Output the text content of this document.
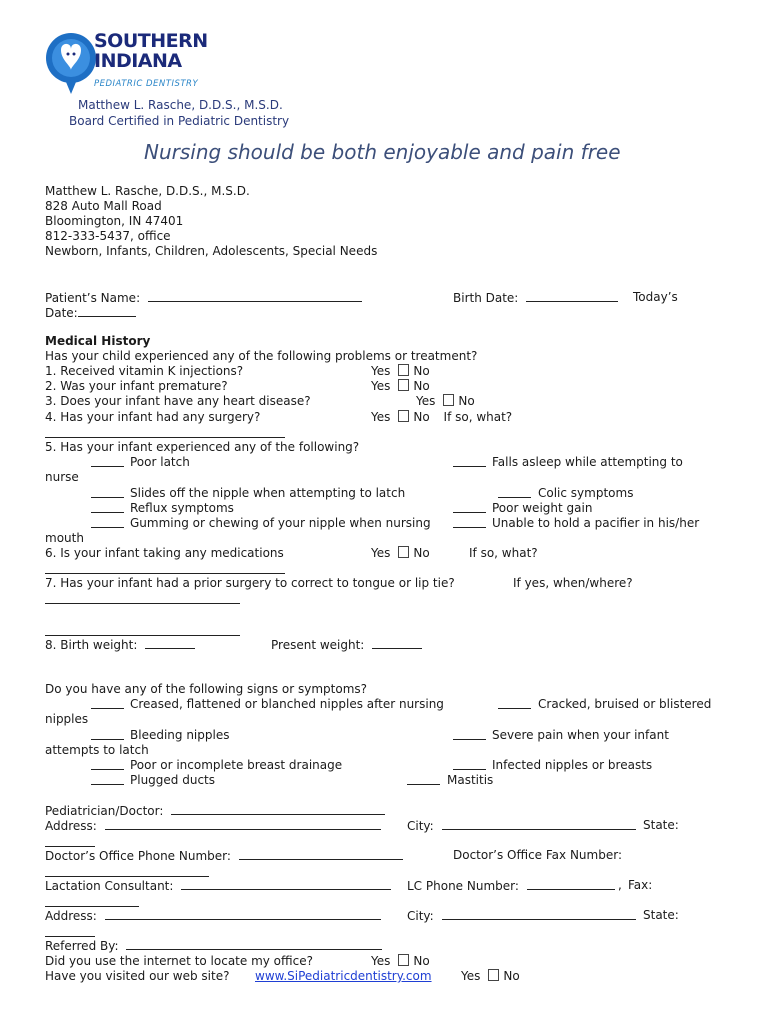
SOUTHERN
INDIANA
PEDIATRIC DENTISTRY
Matthew L. Rasche, D.D.S., M.S.D.
Board Certified in Pediatric Dentistry
Nursing should be both enjoyable and pain free
Matthew L. Rasche, D.D.S., M.S.D.
828 Auto Mall Road
Bloomington, IN 47401
812-333-5437, office
Newborn, Infants, Children, Adolescents, Special Needs
Patient’s Name:	Birth Date:	Today’s
Date:
Medical History
Has your child experienced any of the following problems or treatment?
1. Received vitamin K injections?	Yes No
2. Was your infant premature?	Yes No
3. Does your infant have any heart disease?	Yes No
4. Has your infant had any surgery?	Yes No If so, what?
5. Has your infant experienced any of the following?
Poor latch	Falls asleep while attempting to
nurse
Slides off the nipple when attempting to latch	Colic symptoms
Reflux symptoms	Poor weight gain
Gumming or chewing of your nipple when nursing	Unable to hold a pacifier in his/her
mouth
6. Is your infant taking any medications	Yes No	If so, what?
7. Has your infant had a prior surgery to correct to tongue or lip tie?	If yes, when/where?
8. Birth weight:	Present weight:
Do you have any of the following signs or symptoms?
Creased, flattened or blanched nipples after nursing	Cracked, bruised or blistered
nipples
Bleeding nipples	Severe pain when your infant
attempts to latch
Poor or incomplete breast drainage	Infected nipples or breasts
Plugged ducts	Mastitis
Pediatrician/Doctor:
Address:	City:	State:
Doctor’s Office Phone Number:	Doctor’s Office Fax Number:
Lactation Consultant:	LC Phone Number:	Fax:
,
Address:	City:	State:
Referred By:
Did you use the internet to locate my office?	Yes No
Have you visited our web site? www.SiPediatricdentistry.com Yes No
